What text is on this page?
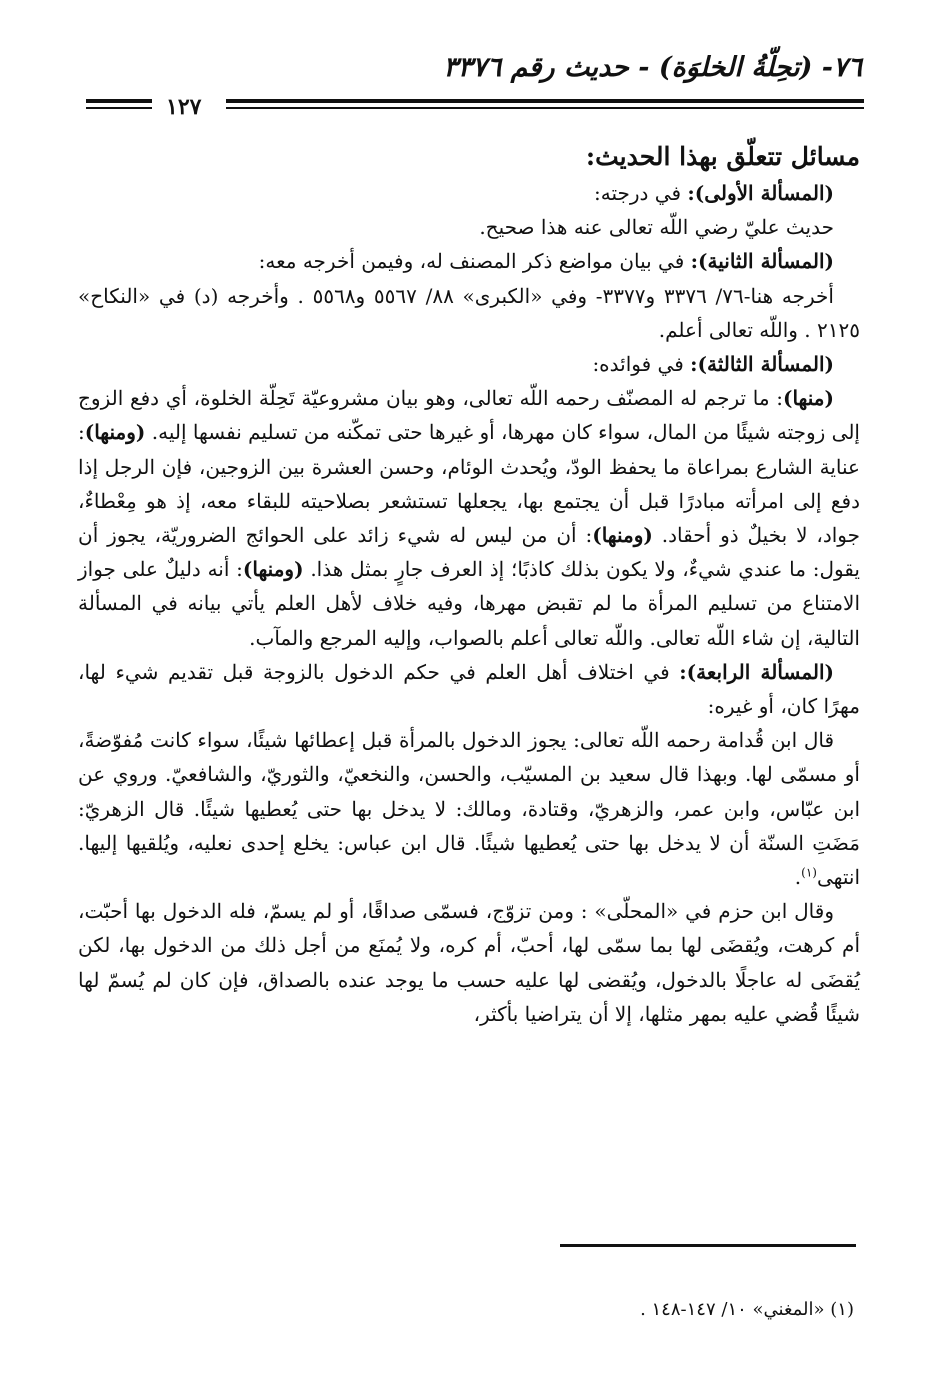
٧٦- (تحِلّةُ الخلوَة) - حديث رقم ٣٣٧٦
١٢٧

مسائل تتعلّق بهذا الحديث:

(المسألة الأولى): في درجته:

حديث عليّ رضي اللّه تعالى عنه هذا صحيح.

(المسألة الثانية): في بيان مواضع ذكر المصنف له، وفيمن أخرجه معه:

أخرجه هنا-٧٦/ ٣٣٧٦ و٣٣٧٧- وفي «الكبرى» ٨٨/ ٥٥٦٧ و٥٥٦٨ . وأخرجه (د) في «النكاح» ٢١٢٥ . واللّه تعالى أعلم.

(المسألة الثالثة): في فوائده:

(منها): ما ترجم له المصنّف رحمه اللّه تعالى، وهو بيان مشروعيّة تَحِلّة الخلوة، أي دفع الزوج إلى زوجته شيئًا من المال، سواء كان مهرها، أو غيرها حتى تمكّنه من تسليم نفسها إليه. (ومنها): عناية الشارع بمراعاة ما يحفظ الودّ، ويُحدث الوئام، وحسن العشرة بين الزوجين، فإن الرجل إذا دفع إلى امرأته مبادرًا قبل أن يجتمع بها، يجعلها تستشعر بصلاحيته للبقاء معه، إذ هو مِعْطاءٌ، جواد، لا بخيلٌ ذو أحقاد. (ومنها): أن من ليس له شيء زائد على الحوائج الضروريّة، يجوز أن يقول: ما عندي شيءٌ، ولا يكون بذلك كاذبًا؛ إذ العرف جارٍ بمثل هذا. (ومنها): أنه دليلٌ على جواز الامتناع من تسليم المرأة ما لم تقبض مهرها، وفيه خلاف لأهل العلم يأتي بيانه في المسألة التالية، إن شاء اللّه تعالى. واللّه تعالى أعلم بالصواب، وإليه المرجع والمآب.

(المسألة الرابعة): في اختلاف أهل العلم في حكم الدخول بالزوجة قبل تقديم شيء لها، مهرًا كان، أو غيره:

قال ابن قُدامة رحمه اللّه تعالى: يجوز الدخول بالمرأة قبل إعطائها شيئًا، سواء كانت مُفوّضةً، أو مسمّى لها. وبهذا قال سعيد بن المسيّب، والحسن، والنخعيّ، والثوريّ، والشافعيّ. وروي عن ابن عبّاس، وابن عمر، والزهريّ، وقتادة، ومالك: لا يدخل بها حتى يُعطيها شيئًا. قال الزهريّ: مَضَتِ السنّة أن لا يدخل بها حتى يُعطيها شيئًا. قال ابن عباس: يخلع إحدى نعليه، ويُلقيها إليها. انتهى$^{(١)}$.

وقال ابن حزم في «المحلّى» : ومن تزوّج، فسمّى صداقًا، أو لم يسمّ، فله الدخول بها أحبّت، أم كرهت، ويُقضَى لها بما سمّى لها، أحبّ، أم كره، ولا يُمنَع من أجل ذلك من الدخول بها، لكن يُقضَى له عاجلًا بالدخول، ويُقضى لها عليه حسب ما يوجد عنده بالصداق، فإن كان لم يُسمّ لها شيئًا قُضي عليه بمهر مثلها، إلا أن يتراضيا بأكثر،

(١) «المغني» ١٠/ ١٤٧-١٤٨ .
